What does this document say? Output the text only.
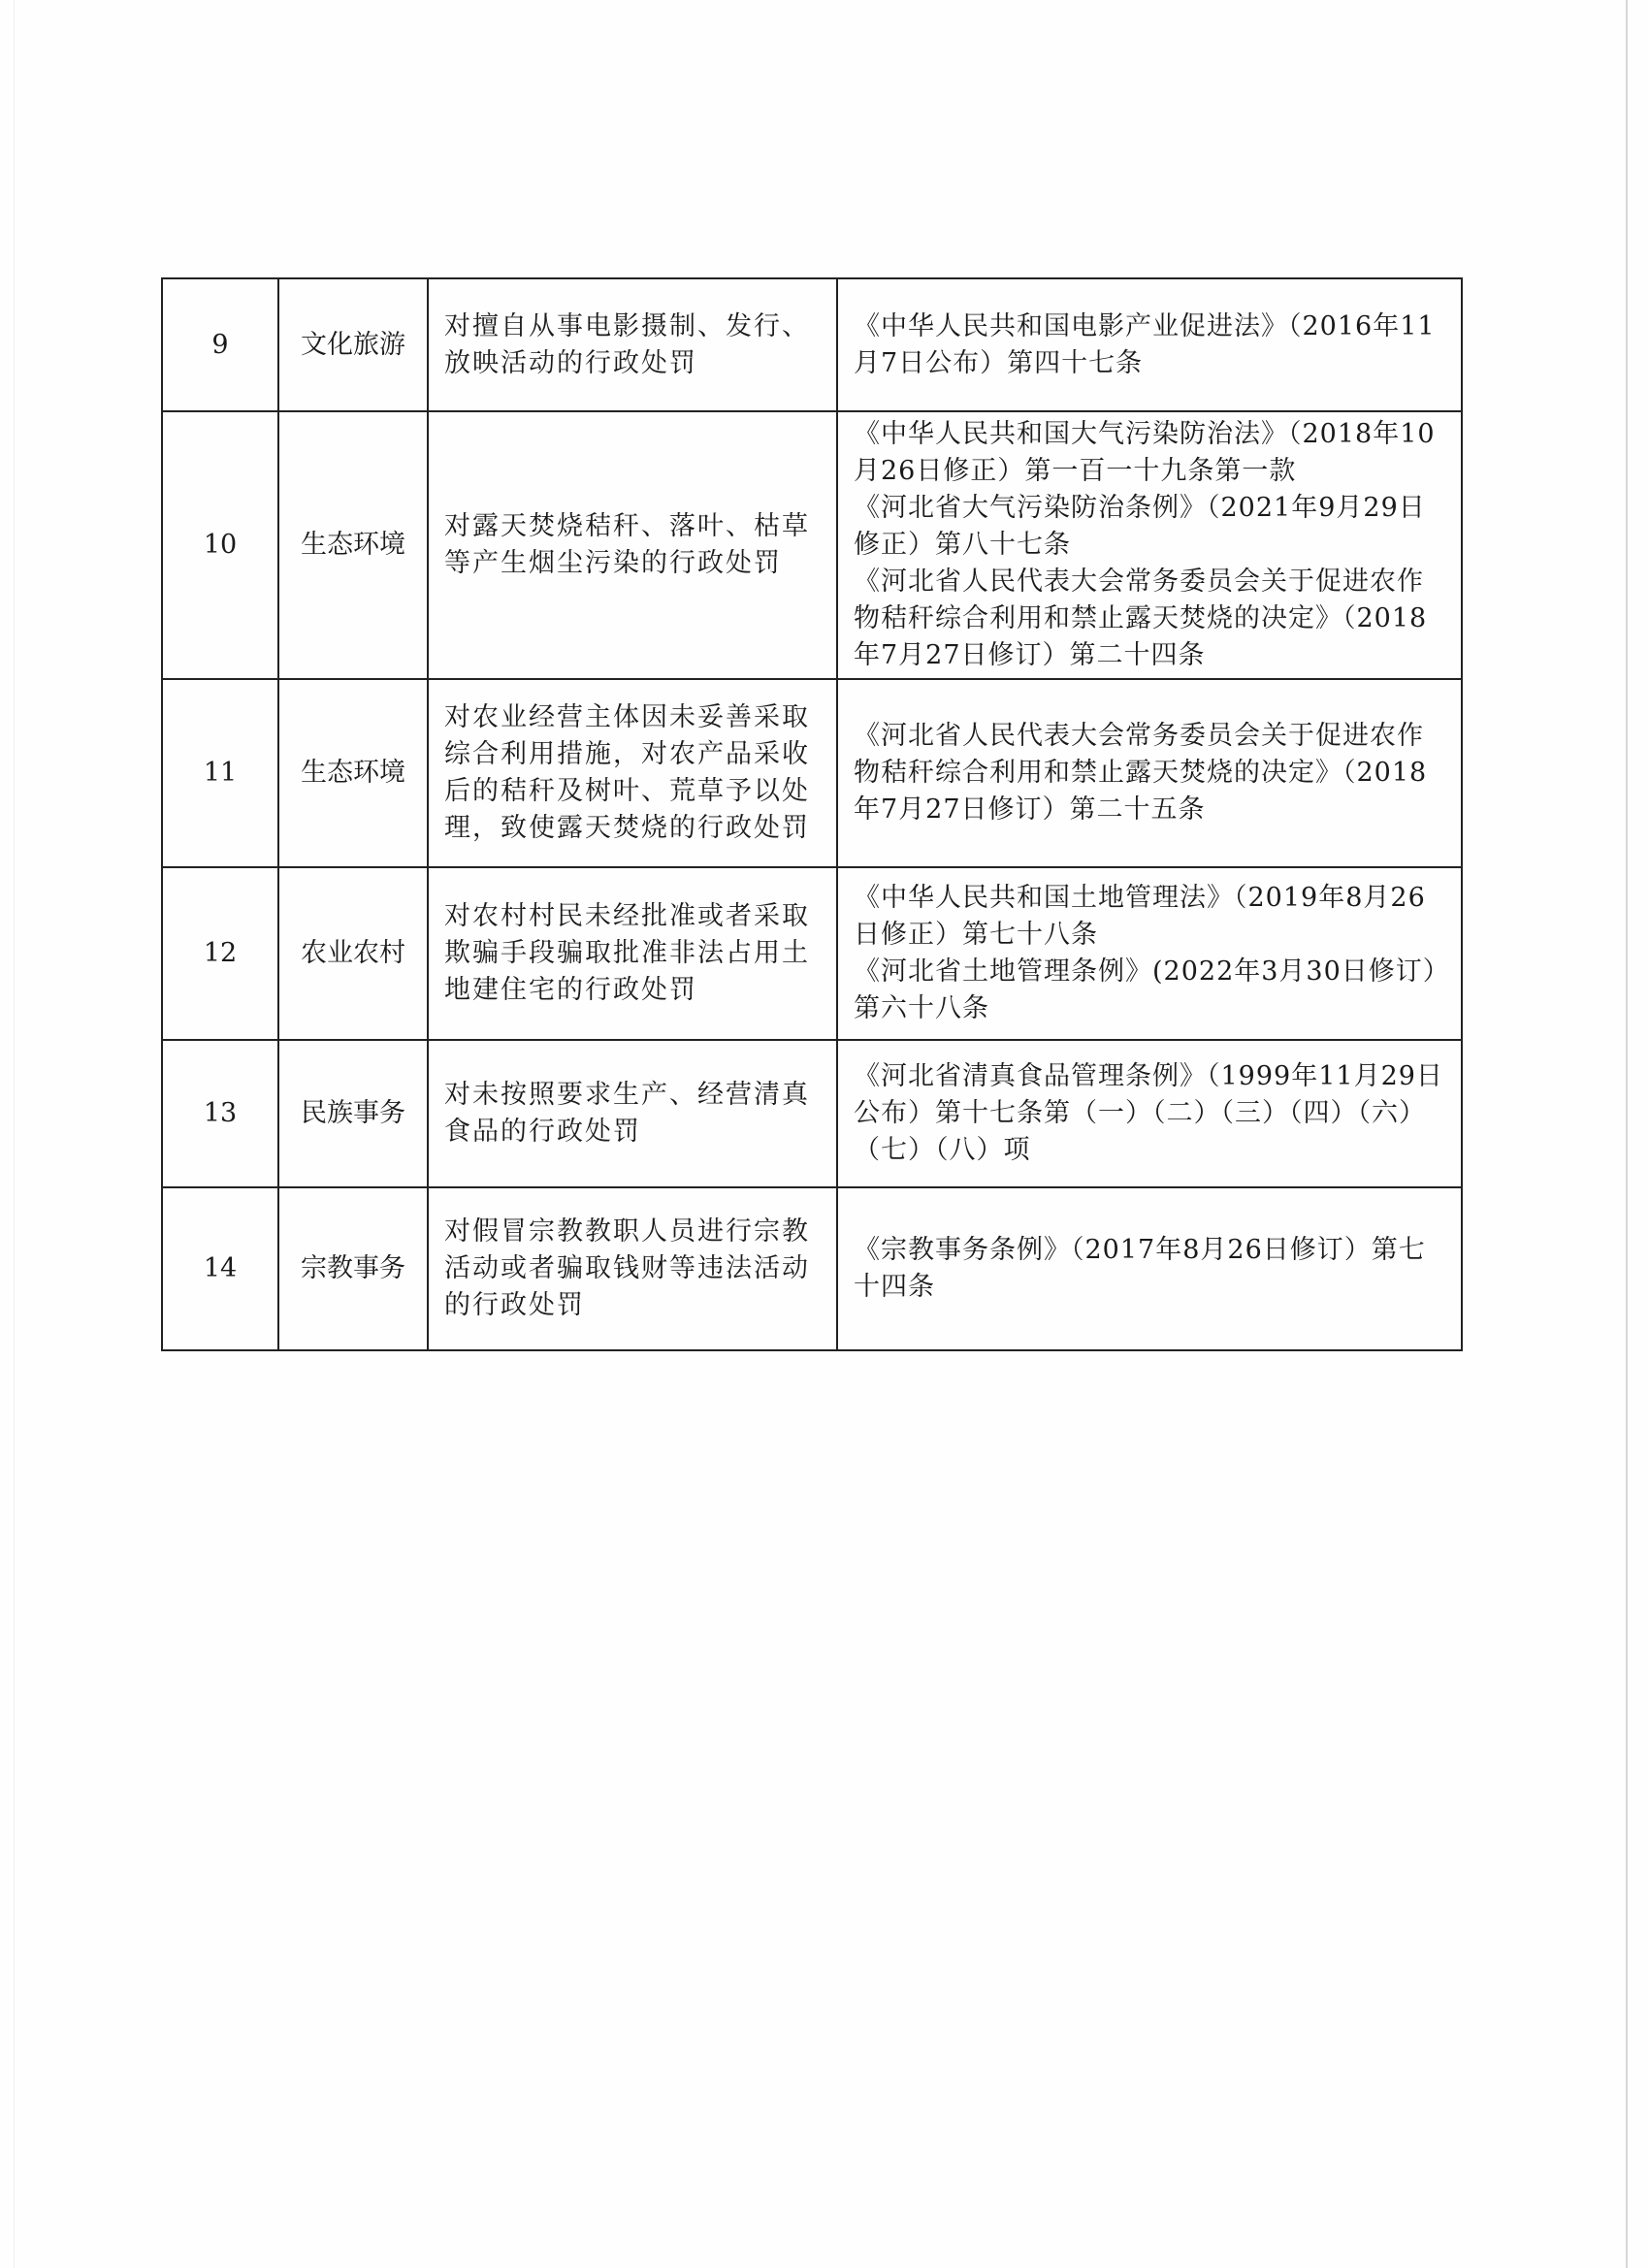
9	文化旅游	对擅自从事电影摄制、发行、放映活动的行政处罚	《中华人民共和国电影产业促进法》（2016年11月7日公布）第四十七条

10	生态环境	对露天焚烧秸秆、落叶、枯草等产生烟尘污染的行政处罚	《中华人民共和国大气污染防治法》（2018年10月26日修正）第一百一十九条第一款
《河北省大气污染防治条例》（2021年9月29日修正）第八十七条
《河北省人民代表大会常务委员会关于促进农作物秸秆综合利用和禁止露天焚烧的决定》（2018年7月27日修订）第二十四条

11	生态环境	对农业经营主体因未妥善采取综合利用措施，对农产品采收后的秸秆及树叶、荒草予以处理，致使露天焚烧的行政处罚	《河北省人民代表大会常务委员会关于促进农作物秸秆综合利用和禁止露天焚烧的决定》（2018年7月27日修订）第二十五条

12	农业农村	对农村村民未经批准或者采取欺骗手段骗取批准非法占用土地建住宅的行政处罚	《中华人民共和国土地管理法》（2019年8月26日修正）第七十八条
《河北省土地管理条例》(2022年3月30日修订）第六十八条

13	民族事务	对未按照要求生产、经营清真食品的行政处罚	《河北省清真食品管理条例》（1999年11月29日公布）第十七条第（一）（二）（三）（四）（六）（七）（八）项

14	宗教事务	对假冒宗教教职人员进行宗教活动或者骗取钱财等违法活动的行政处罚	《宗教事务条例》（2017年8月26日修订）第七十四条
